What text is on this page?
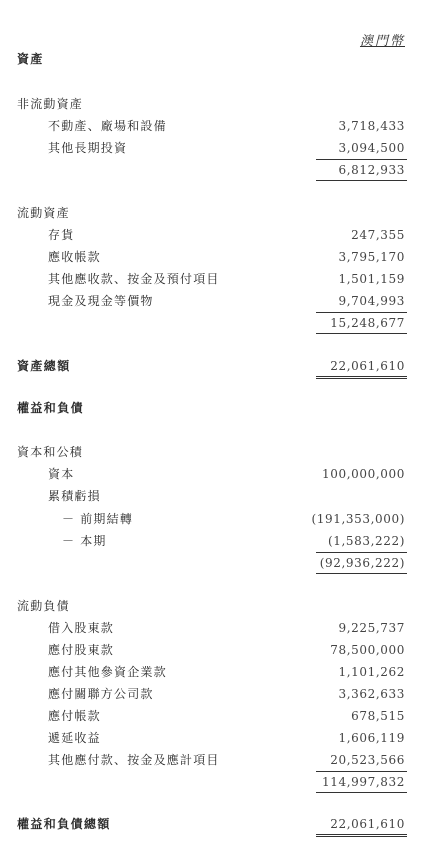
澳門幣
資產
非流動資產
不動產、廠場和設備	3,718,433
其他長期投資	3,094,500
6,812,933
流動資產
存貨	247,355
應收帳款	3,795,170
其他應收款、按金及預付項目	1,501,159
現金及現金等價物	9,704,993
15,248,677
資產總額	22,061,610
權益和負債
資本和公積
資本	100,000,000
累積虧損
－ 前期結轉	(191,353,000)
－ 本期	(1,583,222)
(92,936,222)
流動負債
借入股東款	9,225,737
應付股東款	78,500,000
應付其他參資企業款	1,101,262
應付關聯方公司款	3,362,633
應付帳款	678,515
遞延收益	1,606,119
其他應付款、按金及應計項目	20,523,566
114,997,832
權益和負債總額	22,061,610
